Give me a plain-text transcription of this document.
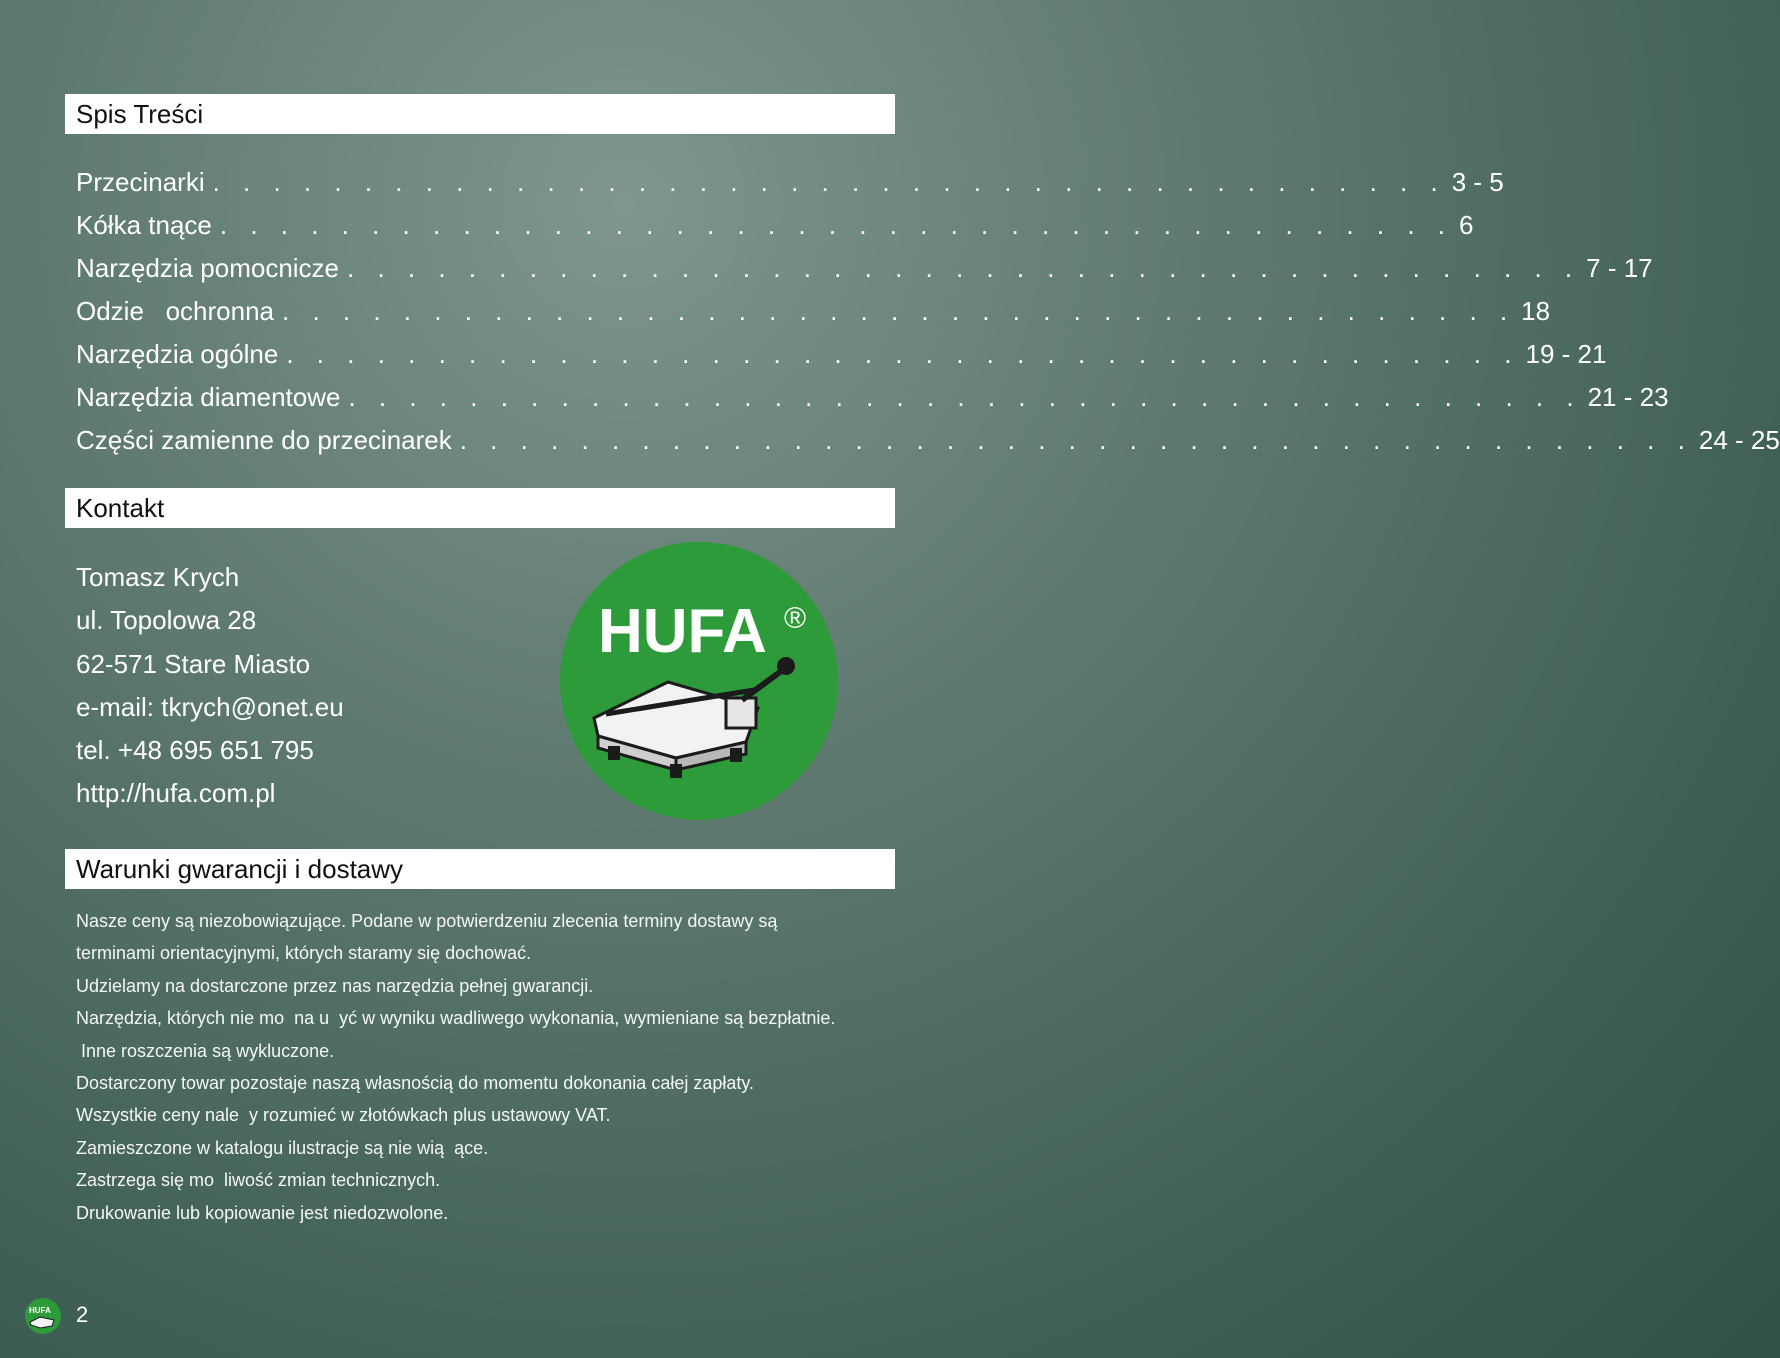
Spis Treści
Przecinarki . . . . . . . . . . . . . . . . . . . . . . . . . . . . . . . . . . . . . . . . . 3 - 5
Kółka tnące . . . . . . . . . . . . . . . . . . . . . . . . . . . . . . . . . . . . . . . . . 6
Narzędzia pomocnicze . . . . . . . . . . . . . . . . . . . . . . . . . . . . . . . . . . . . . . . . . 7 - 17
Odzie   ochronna . . . . . . . . . . . . . . . . . . . . . . . . . . . . . . . . . . . . . . . . . 18
Narzędzia ogólne . . . . . . . . . . . . . . . . . . . . . . . . . . . . . . . . . . . . . . . . . 19 - 21
Narzędzia diamentowe . . . . . . . . . . . . . . . . . . . . . . . . . . . . . . . . . . . . . . . . . 21 - 23
Części zamienne do przecinarek . . . . . . . . . . . . . . . . . . . . . . . . . . . . . . . . . . . . . . . . . 24 - 25
Kontakt
Tomasz Krych
ul. Topolowa 28
62-571 Stare Miasto
e-mail: tkrych@onet.eu
tel. +48 695 651 795
http://hufa.com.pl
HUFA ®
Warunki gwarancji i dostawy
Nasze ceny są niezobowiązujące. Podane w potwierdzeniu zlecenia terminy dostawy są
terminami orientacyjnymi, których staramy się dochować.
Udzielamy na dostarczone przez nas narzędzia pełnej gwarancji.
Narzędzia, których nie mo  na u  yć w wyniku wadliwego wykonania, wymieniane są bezpłatnie.
Inne roszczenia są wykluczone.
Dostarczony towar pozostaje naszą własnością do momentu dokonania całej zapłaty.
Wszystkie ceny nale  y rozumieć w złotówkach plus ustawowy VAT.
Zamieszczone w katalogu ilustracje są nie wią  ące.
Zastrzega się mo  liwość zmian technicznych.
Drukowanie lub kopiowanie jest niedozwolone.
HUFA 2
